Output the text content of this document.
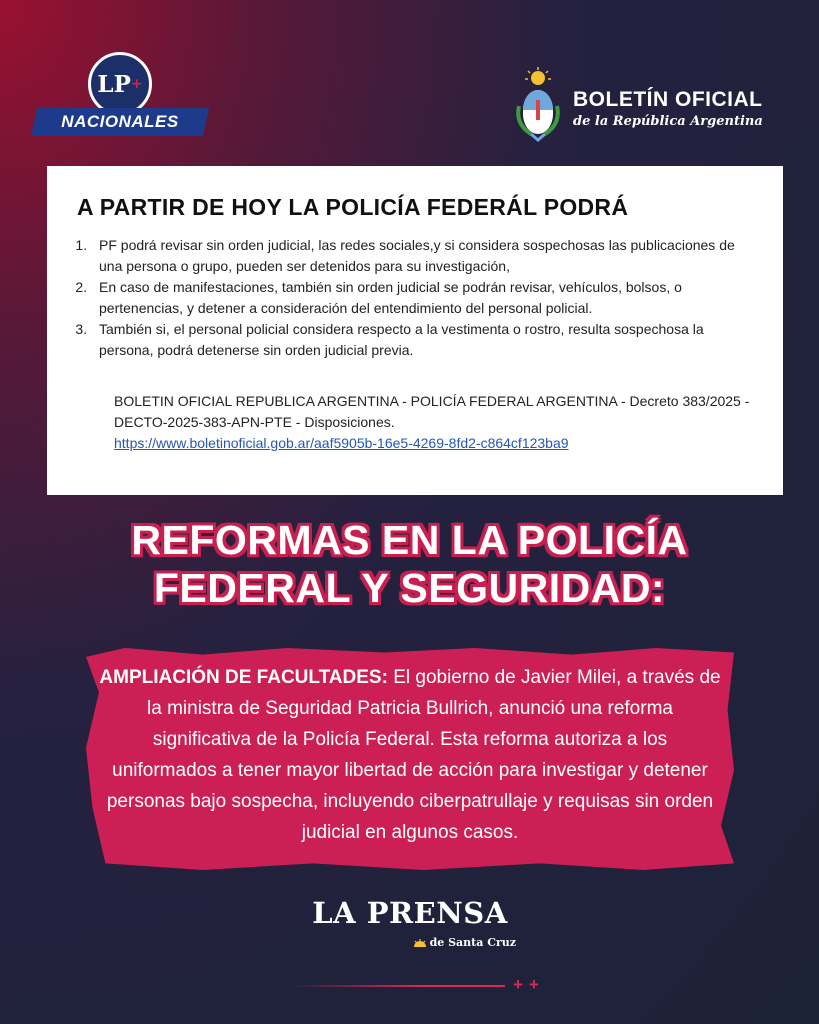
LP +
NACIONALES
BOLETÍN OFICIAL
de la República Argentina
A PARTIR DE HOY LA POLICÍA FEDERÁL PODRÁ
1. PF podrá revisar sin orden judicial, las redes sociales,y si considera sospechosas las publicaciones de una persona o grupo, pueden ser detenidos para su investigación,
2. En caso de manifestaciones, también sin orden judicial se podrán revisar, vehículos, bolsos, o pertenencias, y detener a consideración del entendimiento del personal policial.
3. También si, el personal policial considera respecto a la vestimenta o rostro, resulta sospechosa la persona, podrá detenerse sin orden judicial previa.
BOLETIN OFICIAL REPUBLICA ARGENTINA - POLICÍA FEDERAL ARGENTINA - Decreto 383/2025 - DECTO-2025-383-APN-PTE - Disposiciones.
https://www.boletinoficial.gob.ar/aaf5905b-16e5-4269-8fd2-c864cf123ba9
REFORMAS EN LA POLICÍA
FEDERAL Y SEGURIDAD:
AMPLIACIÓN DE FACULTADES: El gobierno de Javier Milei, a través de la ministra de Seguridad Patricia Bullrich, anunció una reforma significativa de la Policía Federal. Esta reforma autoriza a los uniformados a tener mayor libertad de acción para investigar y detener personas bajo sospecha, incluyendo ciberpatrullaje y requisas sin orden judicial en algunos casos.
LA PRENSA
de Santa Cruz
++
